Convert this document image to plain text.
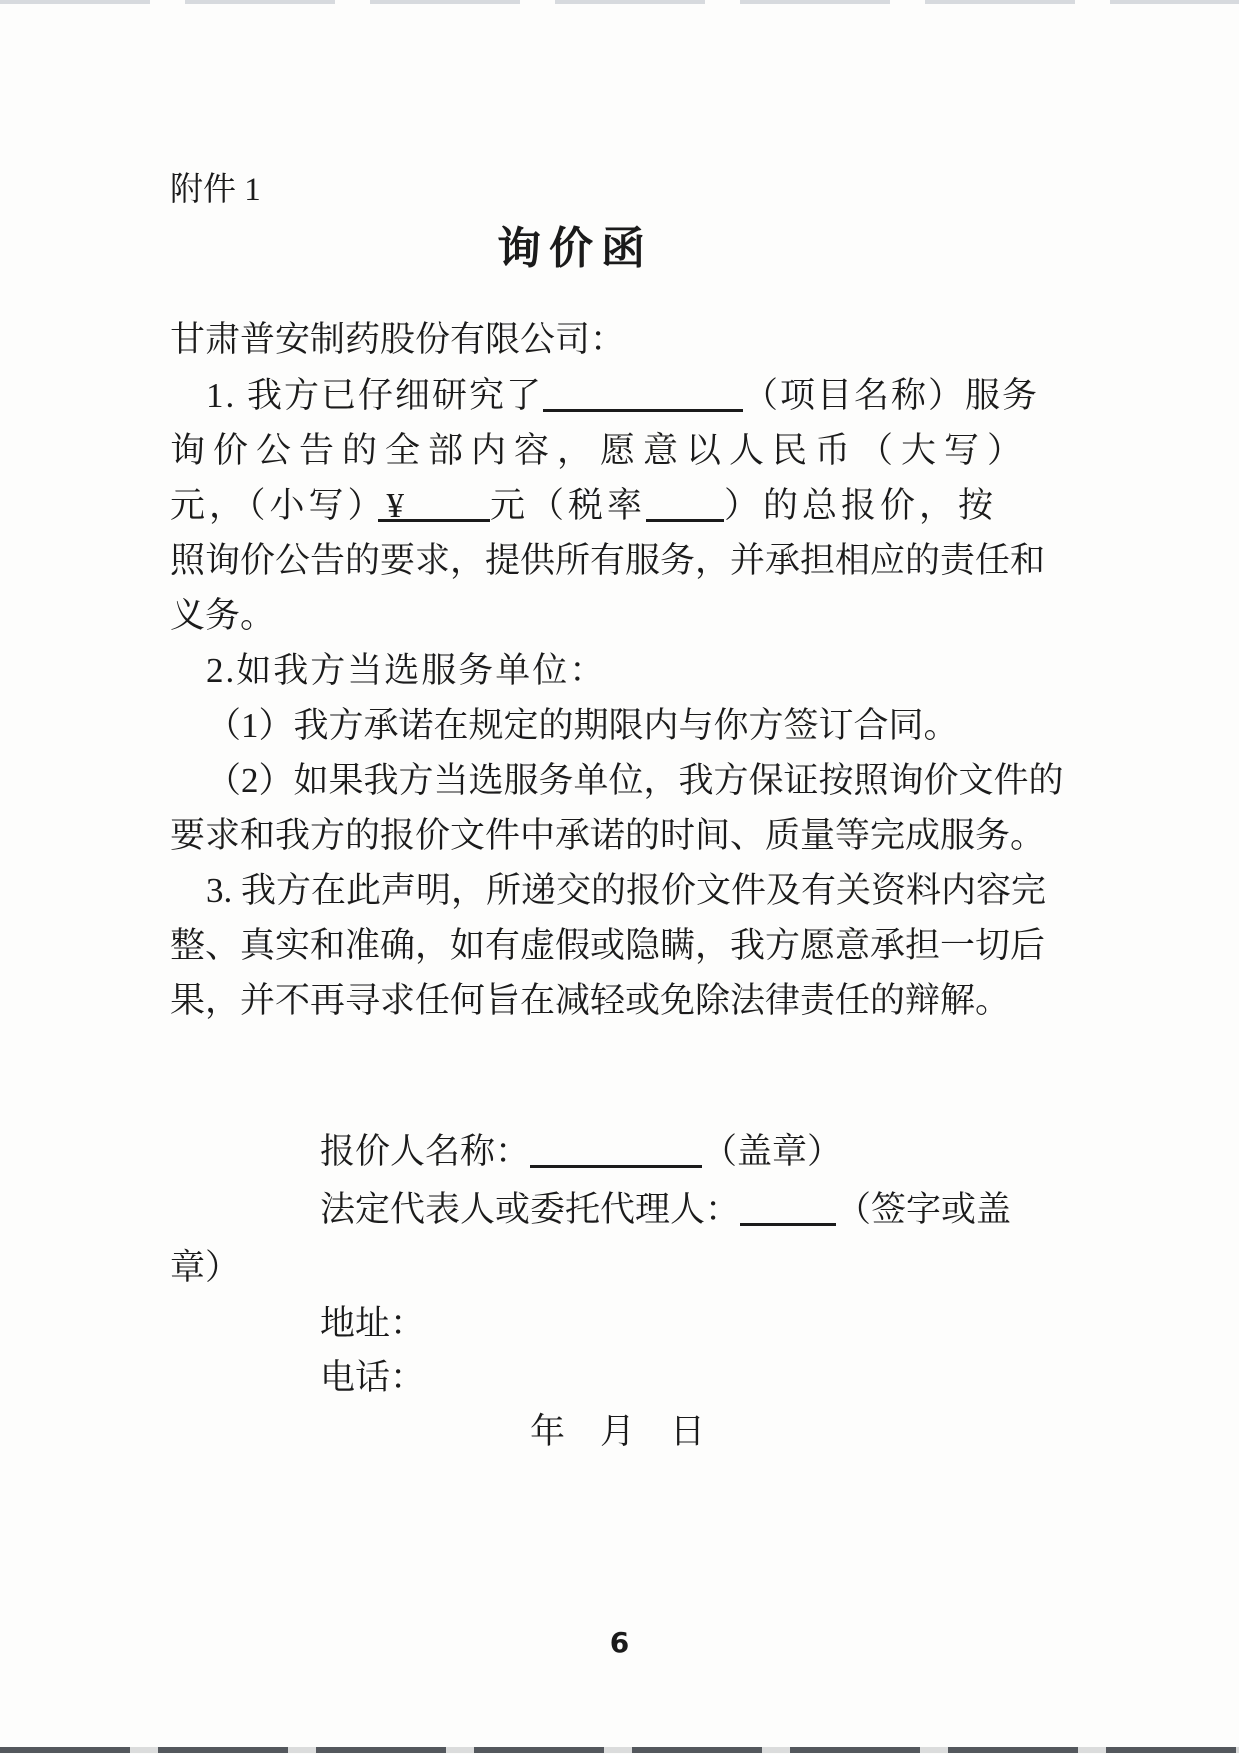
附件 1
询价函
甘肃普安制药股份有限公司：
1. 我方已仔细研究了	（项目名称）服务
询价公告的全部内容，愿意以人民币（大写）
元，（小写）¥ 元（税率 ）的总报价，按
照询价公告的要求，提供所有服务，并承担相应的责任和
义务。
2.如我方当选服务单位：
（1）我方承诺在规定的期限内与你方签订合同。
（2）如果我方当选服务单位，我方保证按照询价文件的
要求和我方的报价文件中承诺的时间、质量等完成服务。
3. 我方在此声明，所递交的报价文件及有关资料内容完
整、真实和准确，如有虚假或隐瞒，我方愿意承担一切后
果，并不再寻求任何旨在减轻或免除法律责任的辩解。
报价人名称：	（盖章）
法定代表人或委托代理人：	（签字或盖
章）
地址：
电话：
年　月　日
6
